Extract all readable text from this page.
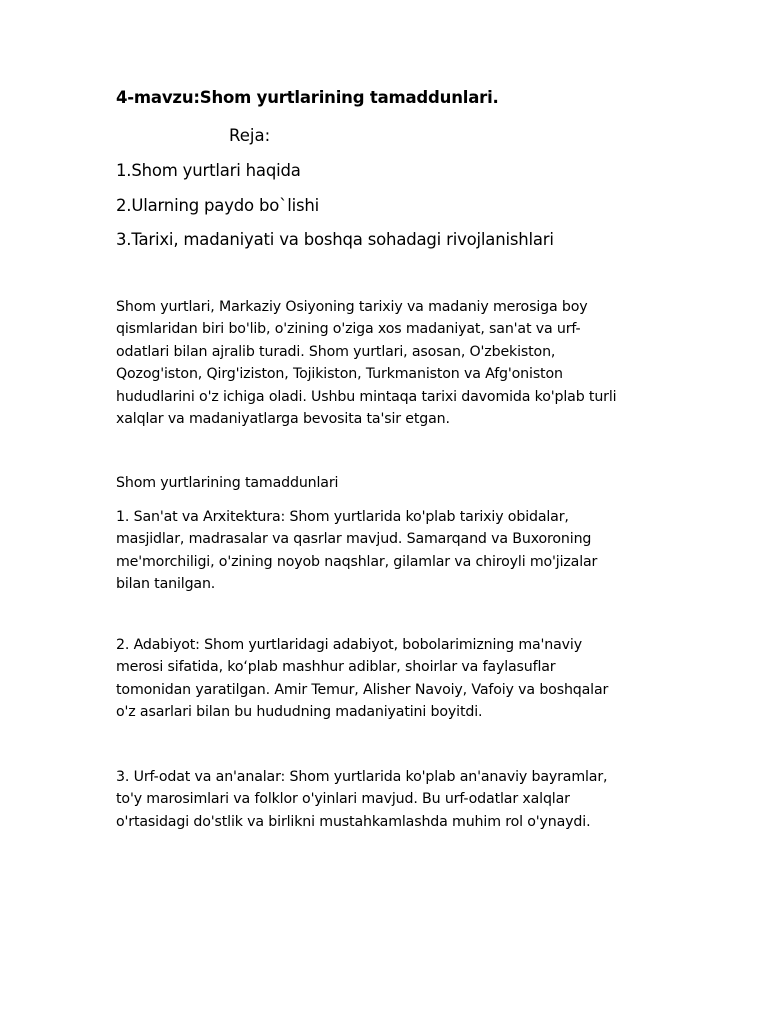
4-mavzu:Shom yurtlarining tamaddunlari.

Reja:

1.Shom yurtlari haqida

2.Ularning paydo bo`lishi

3.Tarixi, madaniyati va boshqa sohadagi rivojlanishlari

Shom yurtlari, Markaziy Osiyoning tarixiy va madaniy merosiga boy
qismlaridan biri bo'lib, o'zining o'ziga xos madaniyat, san'at va urf-
odatlari bilan ajralib turadi. Shom yurtlari, asosan, O'zbekiston,
Qozog'iston, Qirg'iziston, Tojikiston, Turkmaniston va Afg'oniston
hududlarini o'z ichiga oladi. Ushbu mintaqa tarixi davomida ko'plab turli
xalqlar va madaniyatlarga bevosita ta'sir etgan.
Shom yurtlarining tamaddunlari
1. San'at va Arxitektura: Shom yurtlarida ko'plab tarixiy obidalar,
masjidlar, madrasalar va qasrlar mavjud. Samarqand va Buxoroning
me'morchiligi, o'zining noyob naqshlar, gilamlar va chiroyli mo'jizalar
bilan tanilgan.
2. Adabiyot: Shom yurtlaridagi adabiyot, bobolarimizning ma'naviy
merosi sifatida, ko‘plab mashhur adiblar, shoirlar va faylasuflar
tomonidan yaratilgan. Amir Temur, Alisher Navoiy, Vafoiy va boshqalar
o'z asarlari bilan bu hududning madaniyatini boyitdi.
3. Urf-odat va an'analar: Shom yurtlarida ko'plab an'anaviy bayramlar,
to'y marosimlari va folklor o'yinlari mavjud. Bu urf-odatlar xalqlar
o'rtasidagi do'stlik va birlikni mustahkamlashda muhim rol o'ynaydi.
